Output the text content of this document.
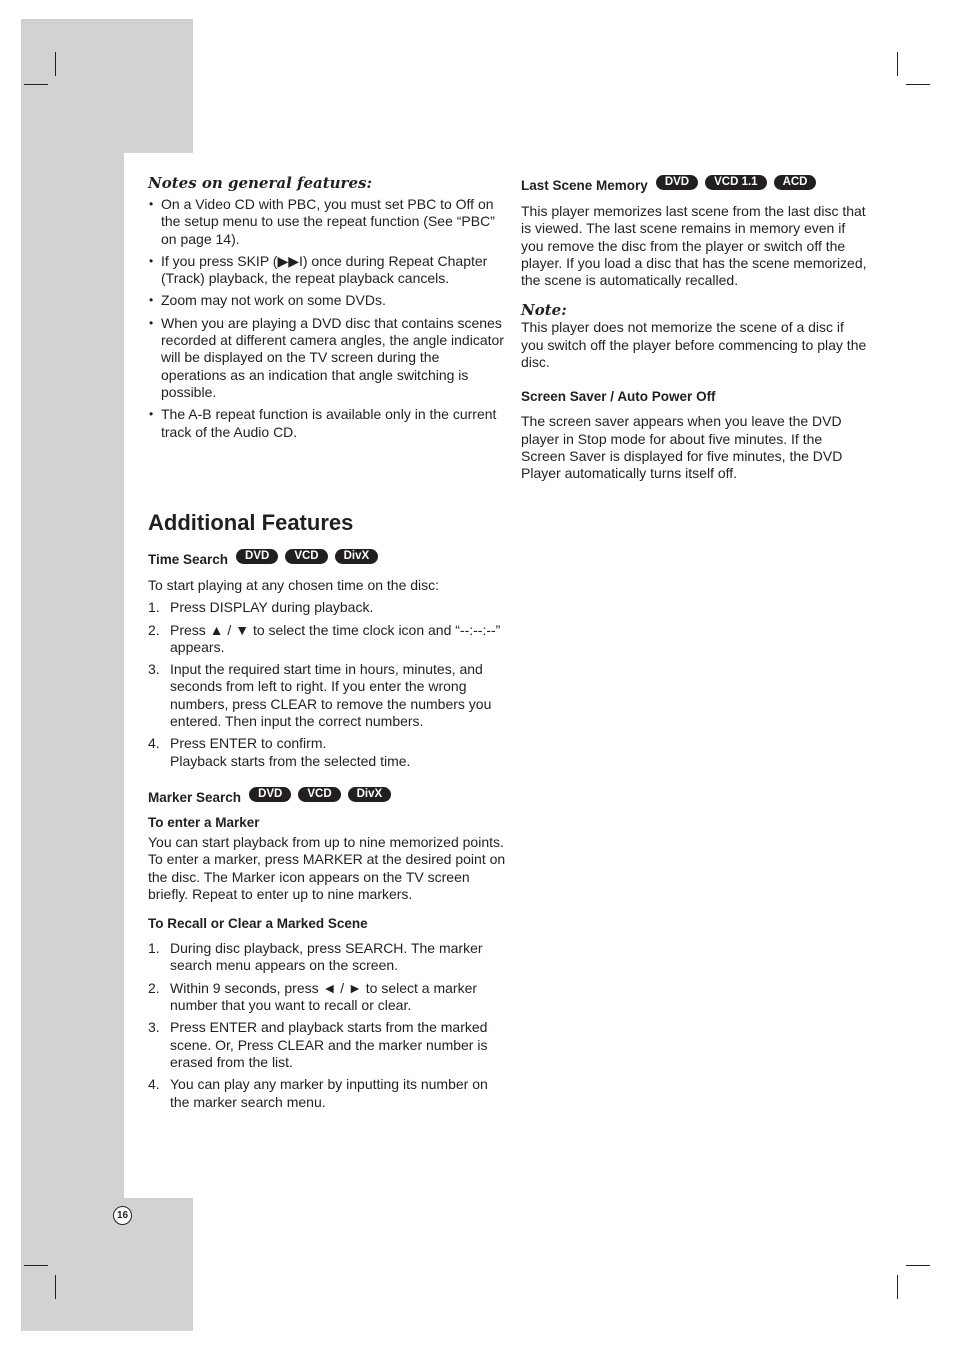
Notes on general features:
• On a Video CD with PBC, you must set PBC to Off on the setup menu to use the repeat function (See “PBC” on page 14).
• If you press SKIP (▶▶I) once during Repeat Chapter (Track) playback, the repeat playback cancels.
• Zoom may not work on some DVDs.
• When you are playing a DVD disc that contains scenes recorded at different camera angles, the angle indicator will be displayed on the TV screen during the operations as an indication that angle switching is possible.
• The A-B repeat function is available only in the current track of the Audio CD.
Additional Features
Time Search	DVD	VCD	DivX

To start playing at any chosen time on the disc:

1. Press DISPLAY during playback.
2. Press ▲ / ▼ to select the time clock icon and “--:--:--” appears.
3. Input the required start time in hours, minutes, and seconds from left to right. If you enter the wrong numbers, press CLEAR to remove the numbers you entered. Then input the correct numbers.
4. Press ENTER to confirm.
Playback starts from the selected time.
Marker Search	DVD	VCD	DivX

To enter a Marker

You can start playback from up to nine memorized points. To enter a marker, press MARKER at the desired point on the disc. The Marker icon appears on the TV screen briefly. Repeat to enter up to nine markers.

To Recall or Clear a Marked Scene

1. During disc playback, press SEARCH. The marker search menu appears on the screen.
2. Within 9 seconds, press ◄ / ► to select a marker number that you want to recall or clear.
3. Press ENTER and playback starts from the marked scene. Or, Press CLEAR and the marker number is erased from the list.
4. You can play any marker by inputting its number on the marker search menu.
Last Scene Memory	DVD	VCD 1.1	ACD

This player memorizes last scene from the last disc that is viewed. The last scene remains in memory even if you remove the disc from the player or switch off the player. If you load a disc that has the scene memorized, the scene is automatically recalled.

Note:

This player does not memorize the scene of a disc if you switch off the player before commencing to play the disc.

Screen Saver / Auto Power Off

The screen saver appears when you leave the DVD player in Stop mode for about five minutes. If the Screen Saver is displayed for five minutes, the DVD Player automatically turns itself off.

16
